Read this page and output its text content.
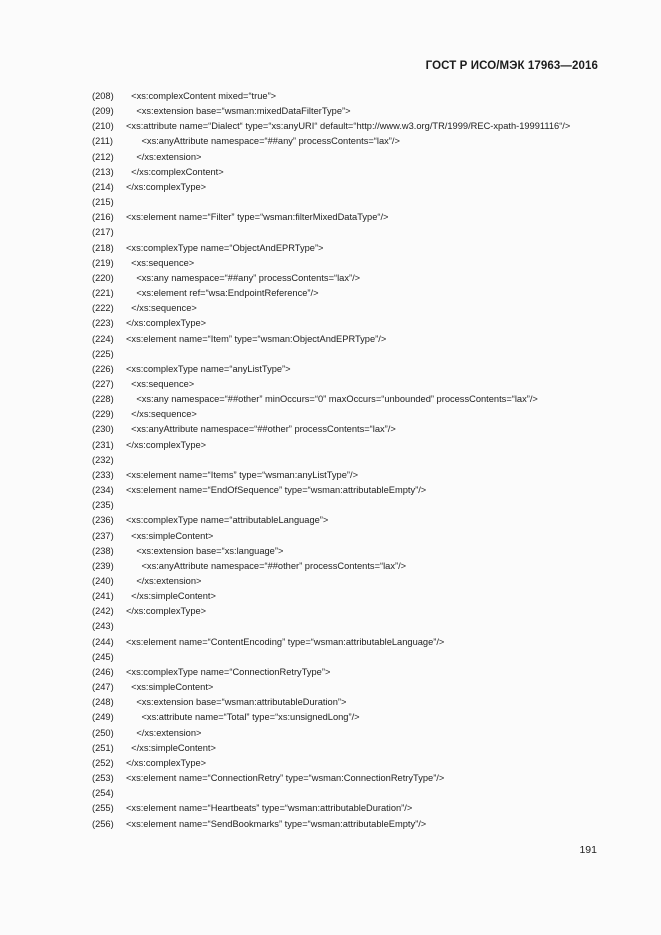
ГОСТ Р ИСО/МЭК 17963—2016
(208) <xs:complexContent mixed=“true”>
(209) <xs:extension base=“wsman:mixedDataFilterType”>
(210) <xs:attribute name=“Dialect“ type=“xs:anyURI“ default=“http://www.w3.org/TR/1999/REC-xpath-19991116“/>
(211) <xs:anyAttribute namespace=“##any” processContents=“lax”/>
(212) </xs:extension>
(213) </xs:complexContent>
(214) </xs:complexType>
(215)
(216) <xs:element name=“Filter” type=“wsman:filterMixedDataType“/>
(217)
(218) <xs:complexType name=“ObjectAndEPRType”>
(219) <xs:sequence>
(220) <xs:any namespace=“##any” processContents=“lax”/>
(221) <xs:element ref=“wsa:EndpointReference”/>
(222) </xs:sequence>
(223) </xs:complexType>
(224) <xs:element name=“Item” type=“wsman:ObjectAndEPRType”/>
(225)
(226) <xs:complexType name=“anyListType”>
(227) <xs:sequence>
(228) <xs:any namespace=“##other” minOccurs=“0” maxOccurs=“unbounded” processContents=“lax”/>
(229) </xs:sequence>
(230) <xs:anyAttribute namespace=“##other” processContents=“lax”/>
(231) </xs:complexType>
(232)
(233) <xs:element name=“Items” type=“wsman:anyListType”/>
(234) <xs:element name=“EndOfSequence” type=“wsman:attributableEmpty”/>
(235)
(236) <xs:complexType name=“attributableLanguage”>
(237) <xs:simpleContent>
(238) <xs:extension base=“xs:language”>
(239) <xs:anyAttribute namespace=“##other” processContents=“lax”/>
(240) </xs:extension>
(241) </xs:simpleContent>
(242) </xs:complexType>
(243)
(244) <xs:element name=“ContentEncoding” type=“wsman:attributableLanguage”/>
(245)
(246) <xs:complexType name=“ConnectionRetryType”>
(247) <xs:simpleContent>
(248) <xs:extension base=“wsman:attributableDuration”>
(249) <xs:attribute name=“Total” type=“xs:unsignedLong”/>
(250) </xs:extension>
(251) </xs:simpleContent>
(252) </xs:complexType>
(253) <xs:element name=“ConnectionRetry” type=“wsman:ConnectionRetryType”/>
(254)
(255) <xs:element name=“Heartbeats” type=“wsman:attributableDuration”/>
(256) <xs:element name=“SendBookmarks” type=“wsman:attributableEmpty”/>
191
